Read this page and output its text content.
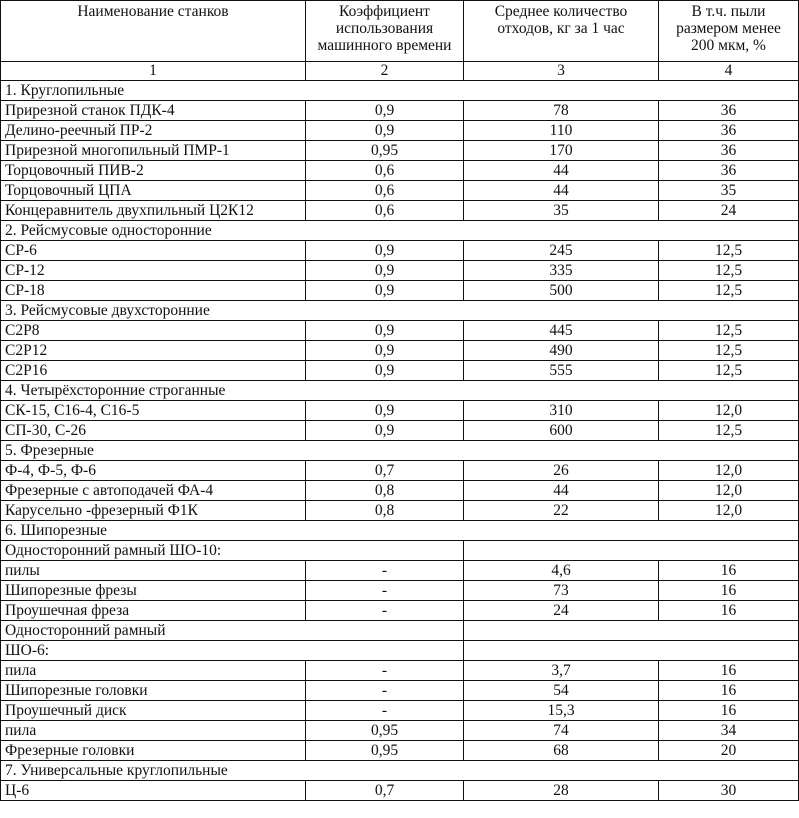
Наименование станков	Коэффициент использования машинного времени	Среднее количество отходов, кг за 1 час	В т.ч. пыли размером менее 200 мкм, %
1	2	3	4
1. Круглопильные			
Прирезной станок ПДК-4	0,9	78	36
Делино-реечный ПР-2	0,9	110	36
Прирезной многопильный ПМР-1	0,95	170	36
Торцовочный ПИВ-2	0,6	44	36
Торцовочный ЦПА	0,6	44	35
Концеравнитель двухпильный Ц2К12	0,6	35	24
2. Рейсмусовые односторонние			
СР-6	0,9	245	12,5
СР-12	0,9	335	12,5
СР-18	0,9	500	12,5
3. Рейсмусовые двухсторонние			
С2Р8	0,9	445	12,5
С2Р12	0,9	490	12,5
С2Р16	0,9	555	12,5
4. Четырёхсторонние строганные			
СК-15, С16-4, С16-5	0,9	310	12,0
СП-30, С-26	0,9	600	12,5
5. Фрезерные			
Ф-4, Ф-5, Ф-6	0,7	26	12,0
Фрезерные с автоподачей ФА-4	0,8	44	12,0
Карусельно -фрезерный Ф1К	0,8	22	12,0
6. Шипорезные			
Односторонний рамный ШО-10:			
пилы	-	4,6	16
Шипорезные фрезы	-	73	16
Проушечная фреза	-	24	16
Односторонний рамный			
ШО-6:			
пила	-	3,7	16
Шипорезные головки	-	54	16
Проушечный диск	-	15,3	16
пила	0,95	74	34
Фрезерные головки	0,95	68	20
7. Универсальные круглопильные			
Ц-6	0,7	28	30
